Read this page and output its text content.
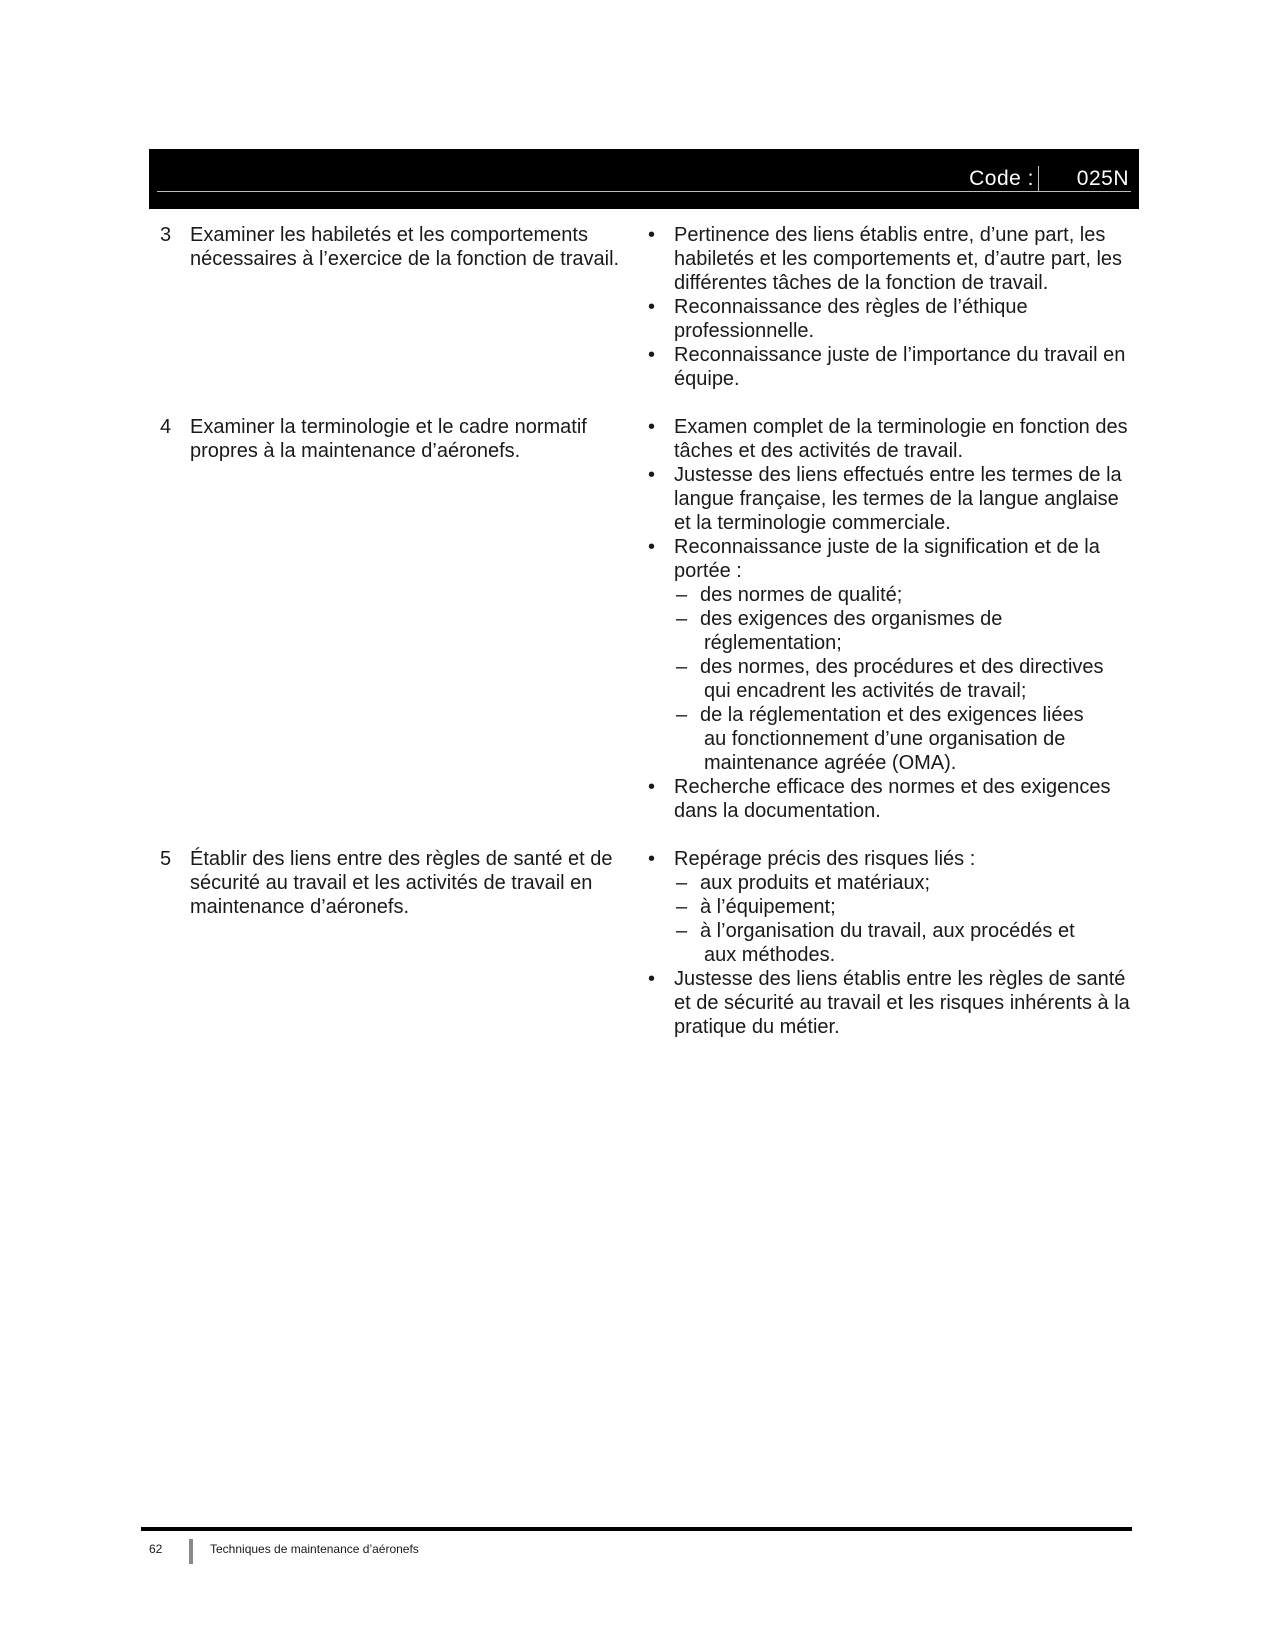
Code : 025N
3 Examiner les habiletés et les comportements nécessaires à l’exercice de la fonction de travail.
• Pertinence des liens établis entre, d’une part, les habiletés et les comportements et, d’autre part, les différentes tâches de la fonction de travail.
• Reconnaissance des règles de l’éthique professionnelle.
• Reconnaissance juste de l’importance du travail en équipe.
4 Examiner la terminologie et le cadre normatif propres à la maintenance d’aéronefs.
• Examen complet de la terminologie en fonction des tâches et des activités de travail.
• Justesse des liens effectués entre les termes de la langue française, les termes de la langue anglaise et la terminologie commerciale.
• Reconnaissance juste de la signification et de la portée :
– des normes de qualité;
– des exigences des organismes de
réglementation;
– des normes, des procédures et des directives
qui encadrent les activités de travail;
– de la réglementation et des exigences liées
au fonctionnement d’une organisation de
maintenance agréée (OMA).
• Recherche efficace des normes et des exigences dans la documentation.
5 Établir des liens entre des règles de santé et de sécurité au travail et les activités de travail en maintenance d’aéronefs.
• Repérage précis des risques liés :
– aux produits et matériaux;
– à l’équipement;
– à l’organisation du travail, aux procédés et
aux méthodes.
• Justesse des liens établis entre les règles de santé et de sécurité au travail et les risques inhérents à la pratique du métier.
62	Techniques de maintenance d’aéronefs
